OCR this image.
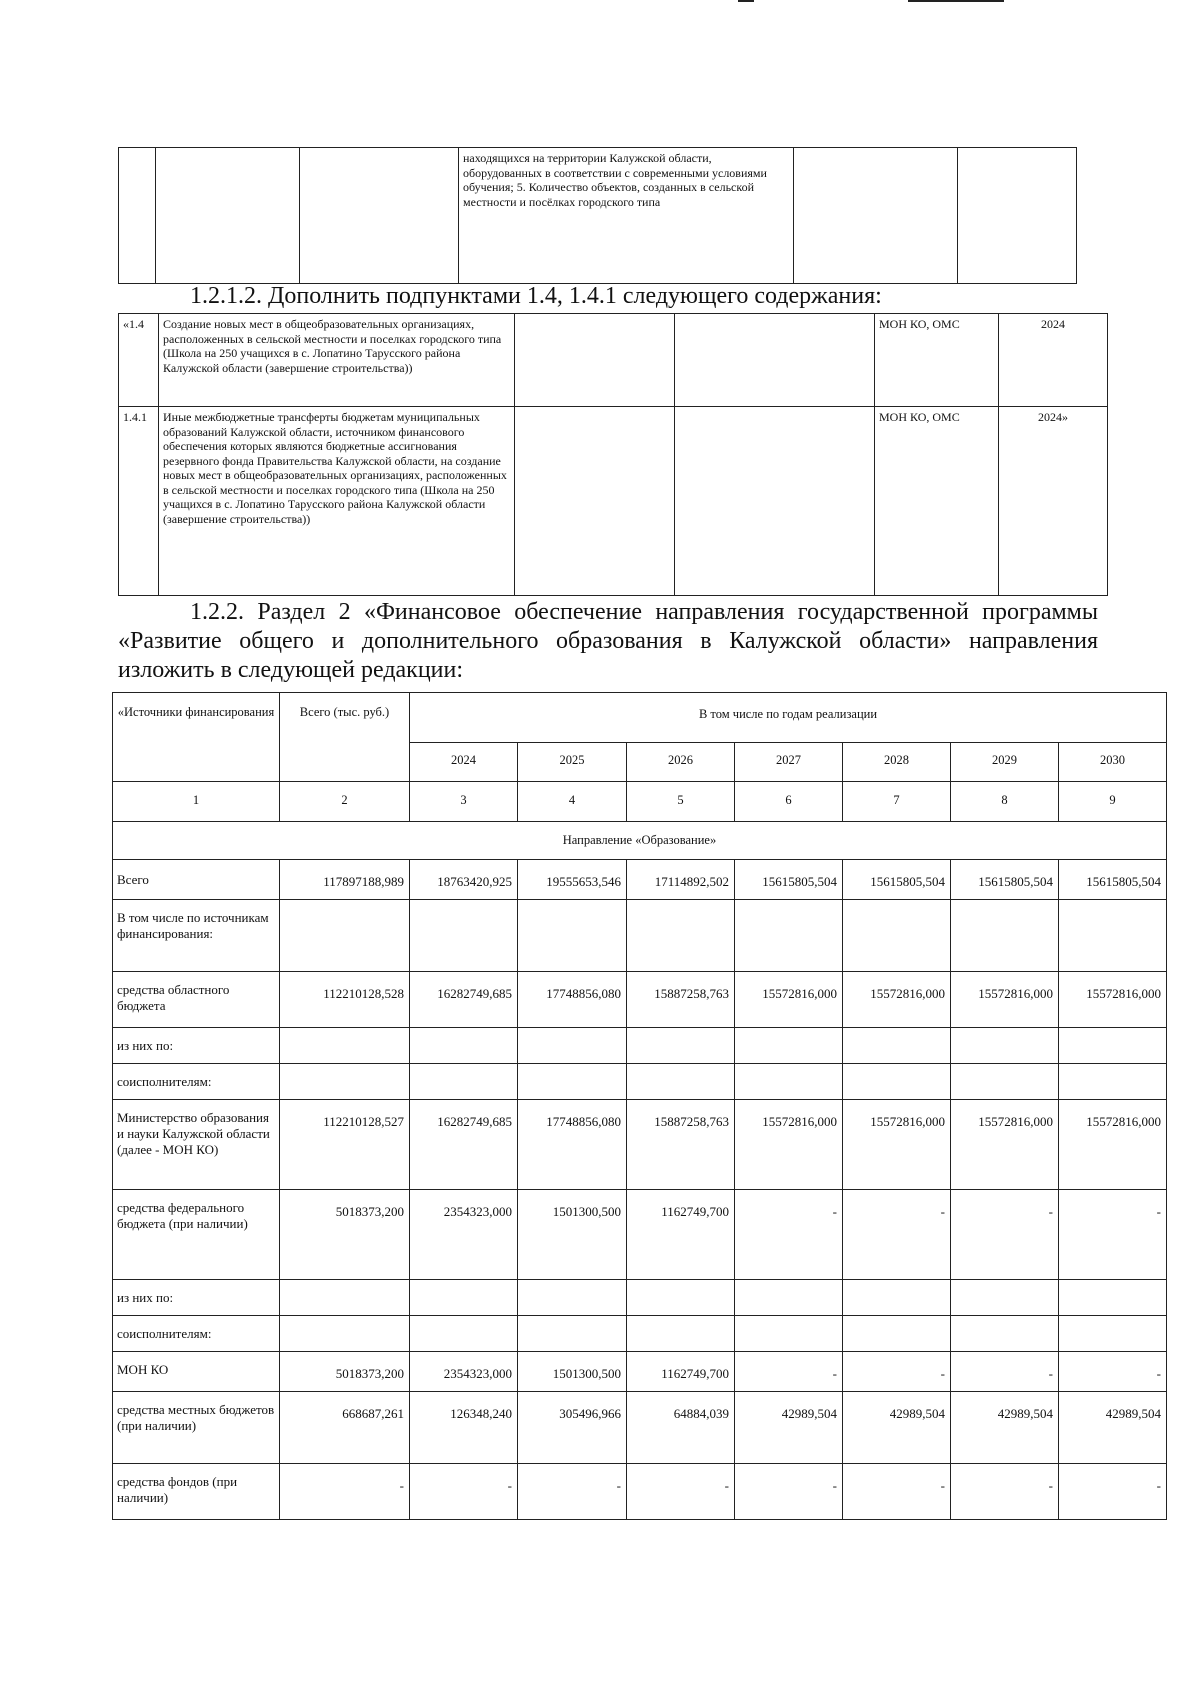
			находящихся на территории Калужской области, оборудованных в соответствии с современными условиями обучения; 5. Количество объектов, созданных в сельской местности и посёлках городского типа		
1.2.1.2. Дополнить подпунктами 1.4, 1.4.1 следующего содержания:
«1.4	Создание новых мест в общеобразовательных организациях, расположенных в сельской местности и поселках городского типа (Школа на 250 учащихся в с. Лопатино Тарусского района Калужской области (завершение строительства))			МОН КО, ОМС	2024
1.4.1	Иные межбюджетные трансферты бюджетам муниципальных образований Калужской области, источником финансового обеспечения которых являются бюджетные ассигнования резервного фонда Правительства Калужской области, на создание новых мест в общеобразовательных организациях, расположенных в сельской местности и поселках городского типа (Школа на 250 учащихся в с. Лопатино Тарусского района Калужской области (завершение строительства))			МОН КО, ОМС	2024»
1.2.2. Раздел 2 «Финансовое обеспечение направления государственной программы «Развитие общего и дополнительного образования в Калужской области» направления изложить в следующей редакции:
«Источники финансирования	Всего (тыс. руб.)	В том числе по годам реализации						
		2024	2025	2026	2027	2028	2029	2030
1	2	3	4	5	6	7	8	9
Направление «Образование»								
Всего	117897188,989	18763420,925	19555653,546	17114892,502	15615805,504	15615805,504	15615805,504	15615805,504
В том числе по источникам финансирования:								
средства областного бюджета	112210128,528	16282749,685	17748856,080	15887258,763	15572816,000	15572816,000	15572816,000	15572816,000
из них по:								
соисполнителям:								
Министерство образования и науки Калужской области (далее - МОН КО)	112210128,527	16282749,685	17748856,080	15887258,763	15572816,000	15572816,000	15572816,000	15572816,000
средства федерального бюджета (при наличии)	5018373,200	2354323,000	1501300,500	1162749,700	-	-	-	-
из них по:								
соисполнителям:								
МОН КО	5018373,200	2354323,000	1501300,500	1162749,700	-	-	-	-
средства местных бюджетов (при наличии)	668687,261	126348,240	305496,966	64884,039	42989,504	42989,504	42989,504	42989,504
средства фондов (при наличии)	-	-	-	-	-	-	-	-
